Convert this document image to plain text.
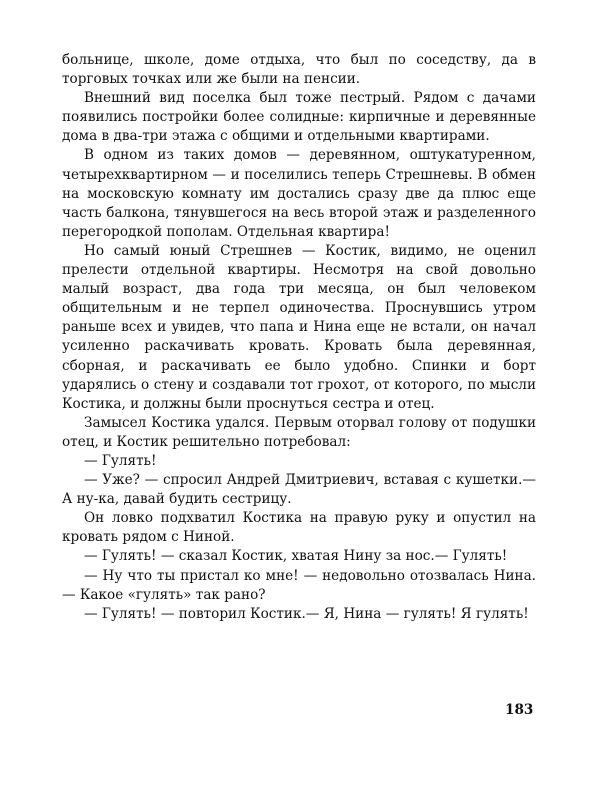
больнице, школе, доме отдыха, что был по соседству, да в торговых точках или же были на пенсии.

Внешний вид поселка был тоже пестрый. Рядом с дачами появились постройки более солидные: кирпичные и деревянные дома в два-три этажа с общими и отдельными квартирами.

В одном из таких домов — деревянном, оштукатуренном, четырехквартирном — и поселились теперь Стрешневы. В обмен на московскую комнату им достались сразу две да плюс еще часть балкона, тянувшегося на весь второй этаж и разделенного перегородкой пополам. Отдельная квартира!

Но самый юный Стрешнев — Костик, видимо, не оценил прелести отдельной квартиры. Несмотря на свой довольно малый возраст, два года три месяца, он был человеком общительным и не терпел одиночества. Проснувшись утром раньше всех и увидев, что папа и Нина еще не встали, он начал усиленно раскачивать кровать. Кровать была деревянная, сборная, и раскачивать ее было удобно. Спинки и борт ударялись о стену и создавали тот грохот, от которого, по мысли Костика, и должны были проснуться сестра и отец.

Замысел Костика удался. Первым оторвал голову от подушки отец, и Костик решительно потребовал:

— Гулять!

— Уже? — спросил Андрей Дмитриевич, вставая с кушетки.— А ну-ка, давай будить сестрицу.

Он ловко подхватил Костика на правую руку и опустил на кровать рядом с Ниной.

— Гулять! — сказал Костик, хватая Нину за нос.— Гулять!

— Ну что ты пристал ко мне! — недовольно отозвалась Нина.— Какое «гулять» так рано?

— Гулять! — повторил Костик.— Я, Нина — гулять! Я гулять!

183
